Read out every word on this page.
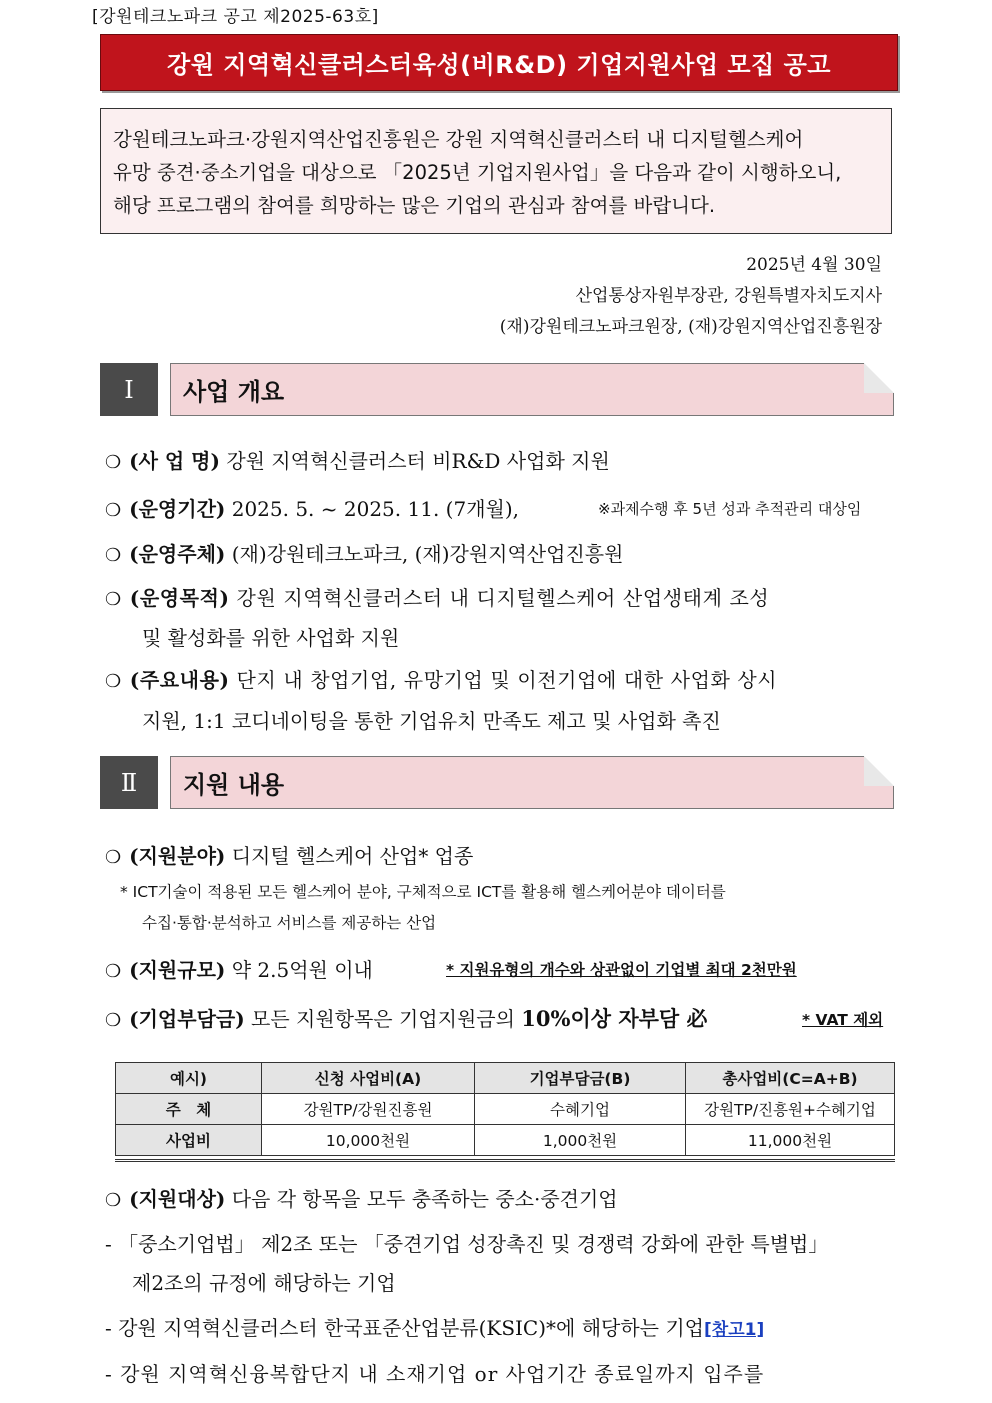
[강원테크노파크 공고 제2025-63호]
강원 지역혁신클러스터육성(비R&D) 기업지원사업 모집 공고
강원테크노파크·강원지역산업진흥원은 강원 지역혁신클러스터 내 디지털헬스케어
유망 중견·중소기업을 대상으로 「2025년 기업지원사업」을 다음과 같이 시행하오니,
해당 프로그램의 참여를 희망하는 많은 기업의 관심과 참여를 바랍니다.
2025년 4월 30일
산업통상자원부장관, 강원특별자치도지사
(재)강원테크노파크원장, (재)강원지역산업진흥원장
Ⅰ	사업 개요
❍ (사 업 명) 강원 지역혁신클러스터 비R&D 사업화 지원
❍ (운영기간) 2025. 5. ~ 2025. 11. (7개월),	※과제수행 후 5년 성과 추적관리 대상임
❍ (운영주체) (재)강원테크노파크, (재)강원지역산업진흥원
❍ (운영목적) 강원 지역혁신클러스터 내 디지털헬스케어 산업생태계 조성
및 활성화를 위한 사업화 지원
❍ (주요내용) 단지 내 창업기업, 유망기업 및 이전기업에 대한 사업화 상시
지원, 1:1 코디네이팅을 통한 기업유치 만족도 제고 및 사업화 촉진
Ⅱ	지원 내용
❍ (지원분야) 디지털 헬스케어 산업* 업종
* ICT기술이 적용된 모든 헬스케어 분야, 구체적으로 ICT를 활용해 헬스케어분야 데이터를
수집·통합·분석하고 서비스를 제공하는 산업
❍ (지원규모) 약 2.5억원 이내	* 지원유형의 개수와 상관없이 기업별 최대 2천만원
❍ (기업부담금) 모든 지원항목은 기업지원금의 10%이상 자부담 必	* VAT 제외
예시)	신청 사업비(A)	기업부담금(B)	총사업비(C=A+B)
주　체	강원TP/강원진흥원	수혜기업	강원TP/진흥원+수혜기업
사업비	10,000천원	1,000천원	11,000천원
❍ (지원대상) 다음 각 항목을 모두 충족하는 중소·중견기업
- 「중소기업법」 제2조 또는 「중견기업 성장촉진 및 경쟁력 강화에 관한 특별법」
제2조의 규정에 해당하는 기업
- 강원 지역혁신클러스터 한국표준산업분류(KSIC)*에 해당하는 기업[참고1]
- 강원 지역혁신융복합단지 내 소재기업 or 사업기간 종료일까지 입주를
